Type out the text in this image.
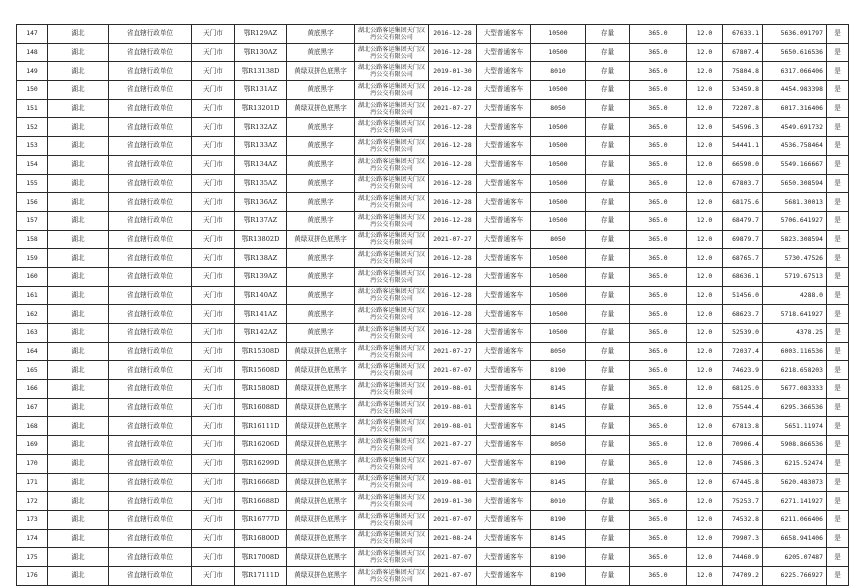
147	湖北	省直辖行政单位	天门市	鄂R129AZ	黄底黑字	湖北公路客运集团天门汉沔公交有限公司	2016-12-28	大型普通客车	10500	存量	365.0	12.0	67633.1	5636.091797	是
148	湖北	省直辖行政单位	天门市	鄂R130AZ	黄底黑字	湖北公路客运集团天门汉沔公交有限公司	2016-12-28	大型普通客车	10500	存量	365.0	12.0	67807.4	5650.616536	是
149	湖北	省直辖行政单位	天门市	鄂R13138D	黄绿双拼色底黑字	湖北公路客运集团天门汉沔公交有限公司	2019-01-30	大型普通客车	8010	存量	365.0	12.0	75804.8	6317.066406	是
150	湖北	省直辖行政单位	天门市	鄂R131AZ	黄底黑字	湖北公路客运集团天门汉沔公交有限公司	2016-12-28	大型普通客车	10500	存量	365.0	12.0	53459.8	4454.983398	是
151	湖北	省直辖行政单位	天门市	鄂R13201D	黄绿双拼色底黑字	湖北公路客运集团天门汉沔公交有限公司	2021-07-27	大型普通客车	8050	存量	365.0	12.0	72207.8	6017.316406	是
152	湖北	省直辖行政单位	天门市	鄂R132AZ	黄底黑字	湖北公路客运集团天门汉沔公交有限公司	2016-12-28	大型普通客车	10500	存量	365.0	12.0	54596.3	4549.691732	是
153	湖北	省直辖行政单位	天门市	鄂R133AZ	黄底黑字	湖北公路客运集团天门汉沔公交有限公司	2016-12-28	大型普通客车	10500	存量	365.0	12.0	54441.1	4536.758464	是
154	湖北	省直辖行政单位	天门市	鄂R134AZ	黄底黑字	湖北公路客运集团天门汉沔公交有限公司	2016-12-28	大型普通客车	10500	存量	365.0	12.0	66590.0	5549.166667	是
155	湖北	省直辖行政单位	天门市	鄂R135AZ	黄底黑字	湖北公路客运集团天门汉沔公交有限公司	2016-12-28	大型普通客车	10500	存量	365.0	12.0	67803.7	5650.308594	是
156	湖北	省直辖行政单位	天门市	鄂R136AZ	黄底黑字	湖北公路客运集团天门汉沔公交有限公司	2016-12-28	大型普通客车	10500	存量	365.0	12.0	68175.6	5681.30013	是
157	湖北	省直辖行政单位	天门市	鄂R137AZ	黄底黑字	湖北公路客运集团天门汉沔公交有限公司	2016-12-28	大型普通客车	10500	存量	365.0	12.0	68479.7	5706.641927	是
158	湖北	省直辖行政单位	天门市	鄂R13802D	黄绿双拼色底黑字	湖北公路客运集团天门汉沔公交有限公司	2021-07-27	大型普通客车	8050	存量	365.0	12.0	69879.7	5823.308594	是
159	湖北	省直辖行政单位	天门市	鄂R138AZ	黄底黑字	湖北公路客运集团天门汉沔公交有限公司	2016-12-28	大型普通客车	10500	存量	365.0	12.0	68765.7	5730.47526	是
160	湖北	省直辖行政单位	天门市	鄂R139AZ	黄底黑字	湖北公路客运集团天门汉沔公交有限公司	2016-12-28	大型普通客车	10500	存量	365.0	12.0	68636.1	5719.67513	是
161	湖北	省直辖行政单位	天门市	鄂R140AZ	黄底黑字	湖北公路客运集团天门汉沔公交有限公司	2016-12-28	大型普通客车	10500	存量	365.0	12.0	51456.0	4288.0	是
162	湖北	省直辖行政单位	天门市	鄂R141AZ	黄底黑字	湖北公路客运集团天门汉沔公交有限公司	2016-12-28	大型普通客车	10500	存量	365.0	12.0	68623.7	5718.641927	是
163	湖北	省直辖行政单位	天门市	鄂R142AZ	黄底黑字	湖北公路客运集团天门汉沔公交有限公司	2016-12-28	大型普通客车	10500	存量	365.0	12.0	52539.0	4378.25	是
164	湖北	省直辖行政单位	天门市	鄂R15308D	黄绿双拼色底黑字	湖北公路客运集团天门汉沔公交有限公司	2021-07-27	大型普通客车	8050	存量	365.0	12.0	72037.4	6003.116536	是
165	湖北	省直辖行政单位	天门市	鄂R15608D	黄绿双拼色底黑字	湖北公路客运集团天门汉沔公交有限公司	2021-07-07	大型普通客车	8190	存量	365.0	12.0	74623.9	6218.658203	是
166	湖北	省直辖行政单位	天门市	鄂R15808D	黄绿双拼色底黑字	湖北公路客运集团天门汉沔公交有限公司	2019-08-01	大型普通客车	8145	存量	365.0	12.0	68125.0	5677.083333	是
167	湖北	省直辖行政单位	天门市	鄂R16088D	黄绿双拼色底黑字	湖北公路客运集团天门汉沔公交有限公司	2019-08-01	大型普通客车	8145	存量	365.0	12.0	75544.4	6295.366536	是
168	湖北	省直辖行政单位	天门市	鄂R16111D	黄绿双拼色底黑字	湖北公路客运集团天门汉沔公交有限公司	2019-08-01	大型普通客车	8145	存量	365.0	12.0	67813.8	5651.11974	是
169	湖北	省直辖行政单位	天门市	鄂R16206D	黄绿双拼色底黑字	湖北公路客运集团天门汉沔公交有限公司	2021-07-27	大型普通客车	8050	存量	365.0	12.0	70906.4	5908.866536	是
170	湖北	省直辖行政单位	天门市	鄂R16299D	黄绿双拼色底黑字	湖北公路客运集团天门汉沔公交有限公司	2021-07-07	大型普通客车	8190	存量	365.0	12.0	74586.3	6215.52474	是
171	湖北	省直辖行政单位	天门市	鄂R16668D	黄绿双拼色底黑字	湖北公路客运集团天门汉沔公交有限公司	2019-08-01	大型普通客车	8145	存量	365.0	12.0	67445.8	5620.483073	是
172	湖北	省直辖行政单位	天门市	鄂R16688D	黄绿双拼色底黑字	湖北公路客运集团天门汉沔公交有限公司	2019-01-30	大型普通客车	8010	存量	365.0	12.0	75253.7	6271.141927	是
173	湖北	省直辖行政单位	天门市	鄂R16777D	黄绿双拼色底黑字	湖北公路客运集团天门汉沔公交有限公司	2021-07-07	大型普通客车	8190	存量	365.0	12.0	74532.8	6211.066406	是
174	湖北	省直辖行政单位	天门市	鄂R16800D	黄绿双拼色底黑字	湖北公路客运集团天门汉沔公交有限公司	2021-08-24	大型普通客车	8145	存量	365.0	12.0	79907.3	6658.941406	是
175	湖北	省直辖行政单位	天门市	鄂R17008D	黄绿双拼色底黑字	湖北公路客运集团天门汉沔公交有限公司	2021-07-07	大型普通客车	8190	存量	365.0	12.0	74460.9	6205.07487	是
176	湖北	省直辖行政单位	天门市	鄂R17111D	黄绿双拼色底黑字	湖北公路客运集团天门汉沔公交有限公司	2021-07-07	大型普通客车	8190	存量	365.0	12.0	74709.2	6225.766927	是
